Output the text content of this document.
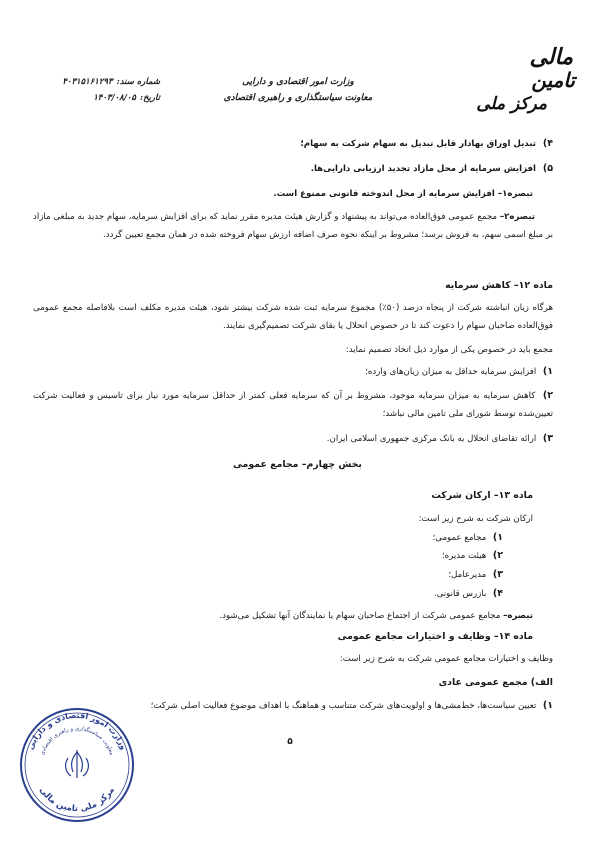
مالی
تامین
مرکز ملی
وزارت امور اقتصادی و دارایی
معاونت سیاستگذاری و راهبری اقتصادی
شماره سند:
۴۰۳۱۵۱۶۱۲۹۳
تاریخ:
۱۴۰۳/۰۸/۰۵
۴) تبدیل اوراق بهادار قابل تبدیل به سهام شرکت به سهام؛
۵) افزایش سرمایه از محل مازاد تجدید ارزیابی دارایی‌ها.
تبصره۱– افزایش سرمایه از محل اندوخته قانونی ممنوع است.
تبصره۲– مجمع عمومی فوق‌العاده می‌تواند به پیشنهاد و گزارش هیئت مدیره مقرر نماید که برای افزایش سرمایه، سهام جدید به مبلغی مازاد بر مبلغ اسمی سهم، به فروش برسد؛ مشروط بر اینکه نحوه صرف اضافه ارزش سهام فروخته شده در همان مجمع تعیین گردد.
ماده ۱۲– کاهش سرمایه
هرگاه زیان انباشته شرکت از پنجاه درصد (۵۰٪) مجموع سرمایه ثبت شده شرکت بیشتر شود، هیئت مدیره مکلف است بلافاصله مجمع عمومی فوق‌العاده صاحبان سهام را دعوت کند تا در خصوص انحلال یا بقای شرکت تصمیم‌گیری نمایند.
مجمع باید در خصوص یکی از موارد ذیل اتخاذ تصمیم نماید:
۱) افزایش سرمایه حداقل به میزان زیان‌های وارده؛
۲) کاهش سرمایه به میزان سرمایه موجود، مشروط بر آن که سرمایه فعلی کمتر از حداقل سرمایه مورد نیاز برای تاسیس و فعالیت شرکت تعیین‌شده توسط شورای ملی تامین مالی نباشد؛
۳) ارائه تقاضای انحلال به بانک مرکزی جمهوری اسلامی ایران.
بخش چهارم– مجامع عمومی
ماده ۱۳– ارکان شرکت
ارکان شرکت به شرح زیر است:
۱) مجامع عمومی؛
۲) هیئت مدیره؛
۳) مدیرعامل؛
۴) بازرس قانونی.
تبصره– مجامع عمومی شرکت از اجتماع صاحبان سهام یا نمایندگان آنها تشکیل می‌شود.
ماده ۱۴– وظایف و اختیارات مجامع عمومی
وظایف و اختیارات مجامع عمومی شرکت به شرح زیر است:
الف) مجمع عمومی عادی
۱) تعیین سیاست‌ها، خط‌مشی‌ها و اولویت‌های شرکت متناسب و هماهنگ با اهداف موضوع فعالیت اصلی شرکت؛
۵
وزارت امور اقتصادی و دارایی
معاونت سیاستگذاری و راهبری اقتصادی
مرکز ملی تامین مالی
